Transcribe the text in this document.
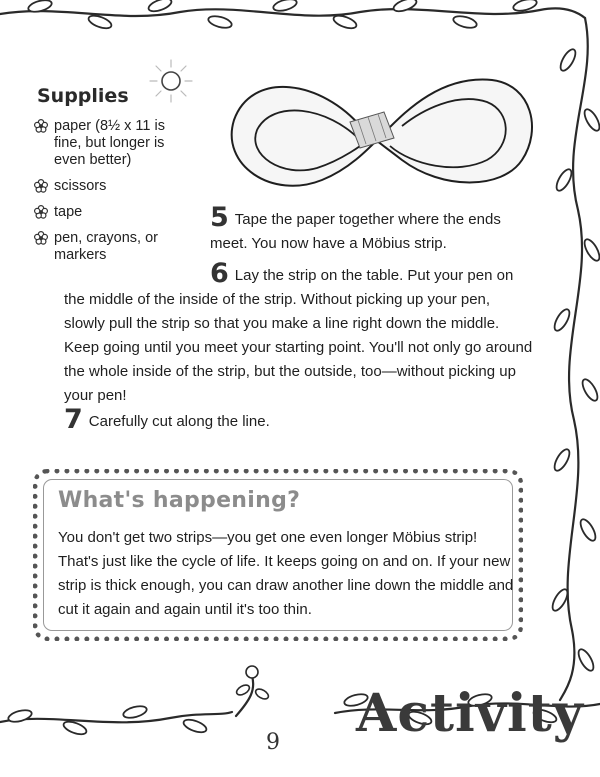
Supplies
paper (8½ x 11 is fine, but longer is even better)
scissors
tape
pen, crayons, or markers

5 Tape the paper together where the ends meet. You now have a Möbius strip.

6 Lay the strip on the table. Put your pen on the middle of the inside of the strip. Without picking up your pen, slowly pull the strip so that you make a line right down the middle. Keep going until you meet your starting point. You'll not only go around the whole inside of the strip, but the outside, too—without picking up your pen!

7 Carefully cut along the line.

What's happening?

You don't get two strips—you get one even longer Möbius strip! That's just like the cycle of life. It keeps going on and on. If your new strip is thick enough, you can draw another line down the middle and cut it again and again until it's too thin.

9 Activity
